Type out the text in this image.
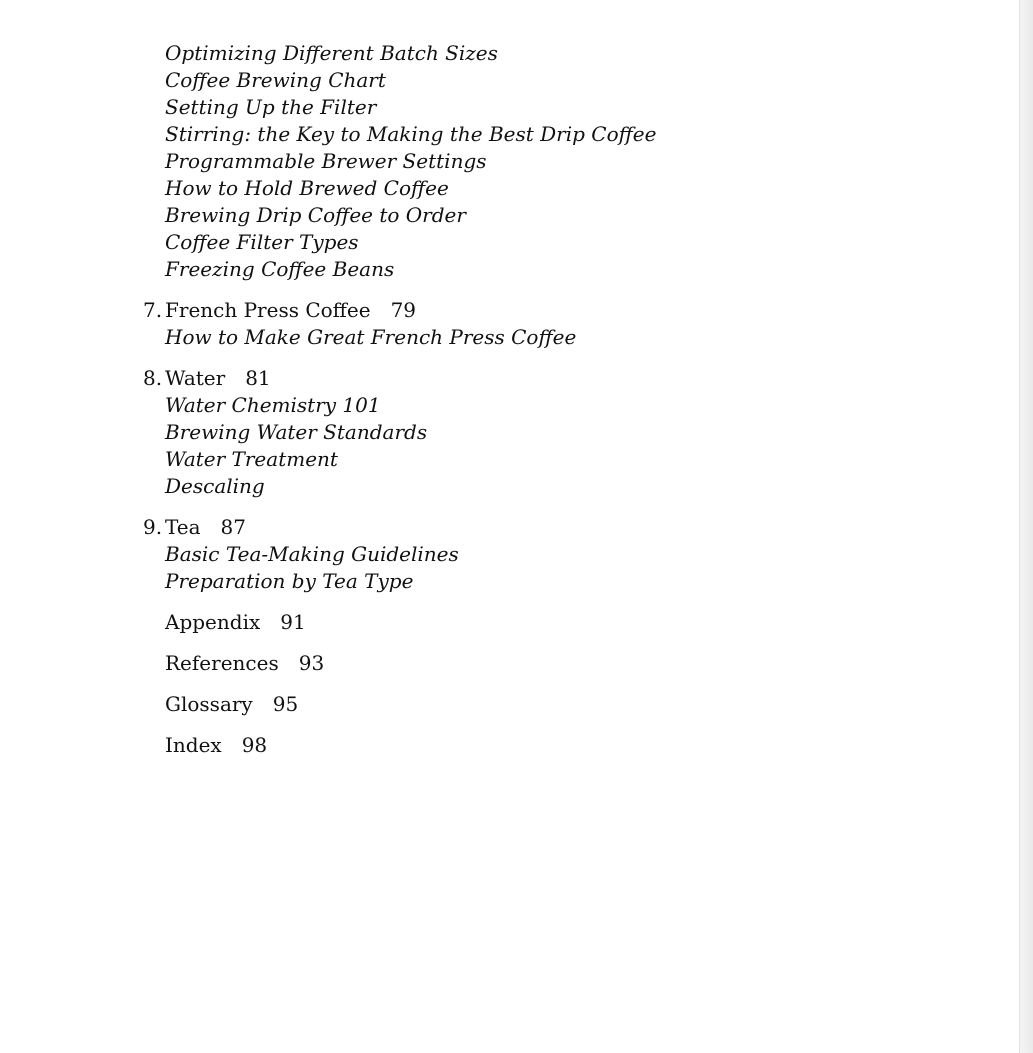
Optimizing Different Batch Sizes
Coffee Brewing Chart
Setting Up the Filter
Stirring: the Key to Making the Best Drip Coffee
Programmable Brewer Settings
How to Hold Brewed Coffee
Brewing Drip Coffee to Order
Coffee Filter Types
Freezing Coffee Beans
7. French Press Coffee 79
How to Make Great French Press Coffee
8. Water 81
Water Chemistry 101
Brewing Water Standards
Water Treatment
Descaling
9. Tea 87
Basic Tea-Making Guidelines
Preparation by Tea Type
Appendix 91
References 93
Glossary 95
Index 98
